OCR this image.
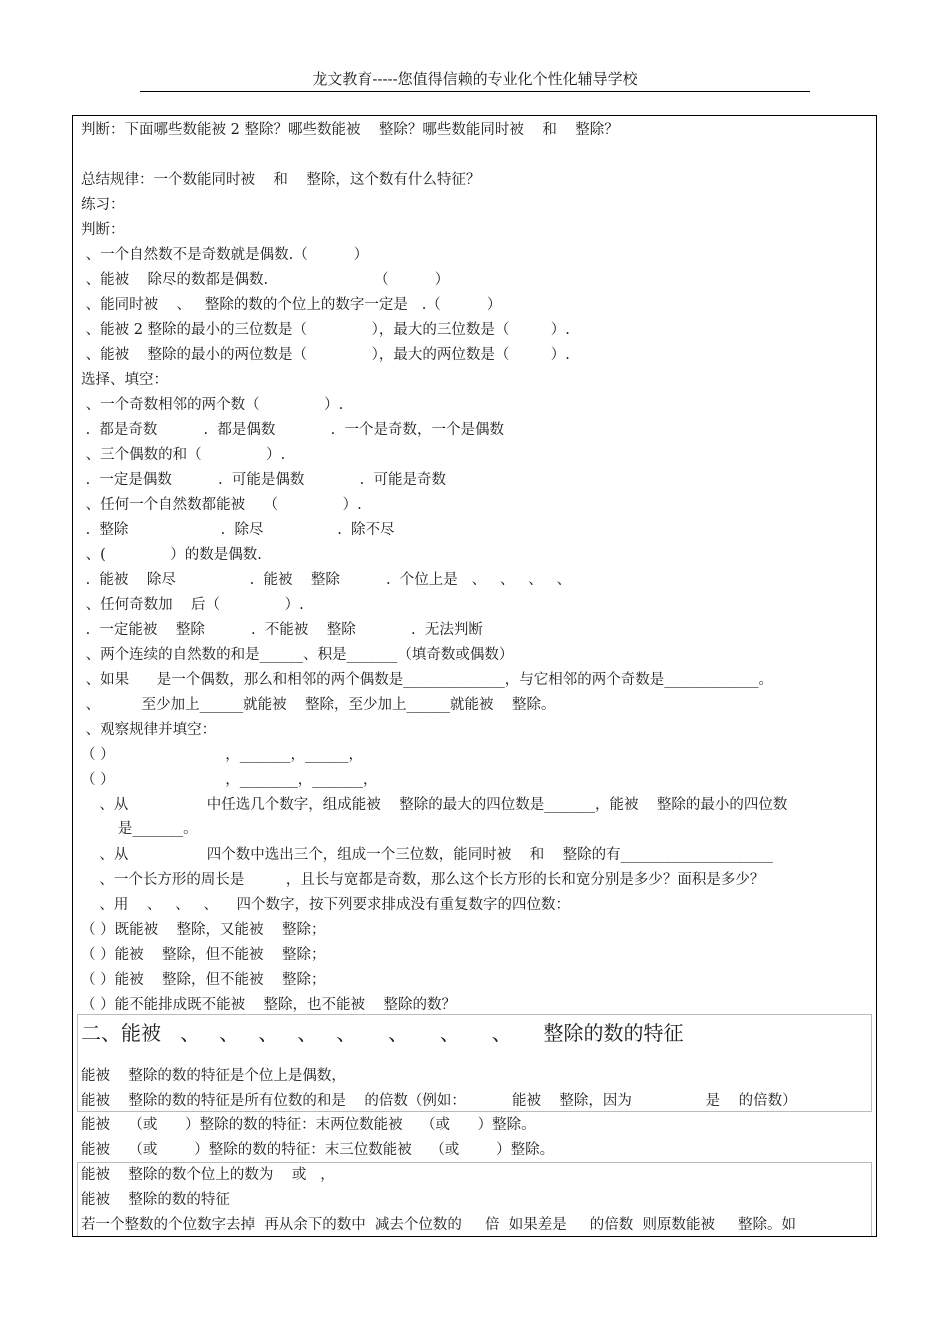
龙文教育-----您值得信赖的专业化个性化辅导学校
判断：下面哪些数能被 2 整除？哪些数能被    整除？哪些数能同时被    和    整除？
总结规律：一个数能同时被    和    整除，这个数有什么特征？
练习：
判断：
、一个自然数不是奇数就是偶数.（          ）
、能被    除尽的数都是偶数.                       （          ）
、能同时被    、   整除的数的个位上的数字一定是   .（          ）
、能被 2 整除的最小的三位数是（              ），最大的三位数是（         ）.
、能被    整除的最小的两位数是（              ），最大的两位数是（         ）.
选择、填空：
、一个奇数相邻的两个数（              ）.
.  都是奇数          .  都是偶数            .  一个是奇数，一个是偶数
、三个偶数的和（              ）.
.  一定是偶数          .  可能是偶数            .  可能是奇数
、任何一个自然数都能被    （              ）.
.  整除                    .  除尽                .  除不尽
、(              ）的数是偶数.
.  能被    除尽                .  能被    整除          .  个位上是   、   、   、   、
、任何奇数加    后（              ）.
.  一定能被    整除          .  不能被    整除            .  无法判断
、两个连续的自然数的和是______、积是_______（填奇数或偶数）
、如果      是一个偶数，那么和相邻的两个偶数是______________，与它相邻的两个奇数是_____________。
、         至少加上______就能被    整除，至少加上______就能被    整除。
、观察规律并填空：
（ ）                        ，_______，______，
（ ）                        ，________，_______，
、从                 中任选几个数字，组成能被    整除的最大的四位数是_______，能被    整除的最小的四位数
是_______。
、从                 四个数中选出三个，组成一个三位数，能同时被    和    整除的有_____________________
、一个长方形的周长是         ，且长与宽都是奇数，那么这个长方形的长和宽分别是多少？面积是多少？
、用    、   、   、    四个数字，按下列要求排成没有重复数字的四位数：
（ ）既能被    整除，又能被    整除；
（ ）能被    整除，但不能被    整除；
（ ）能被    整除，但不能被    整除；
（ ）能不能排成既不能被    整除，也不能被    整除的数？
二、能被   、   、   、   、   、     、     、     、     整除的数的特征
能被    整除的数的特征是个位上是偶数，
能被    整除的数的特征是所有位数的和是    的倍数（例如：          能被    整除，因为                是    的倍数）
能被    （或      ）整除的数的特征：末两位数能被    （或      ）整除。
能被    （或        ）整除的数的特征：末三位数能被    （或        ）整除。
能被    整除的数个位上的数为    或   ，
能被    整除的数的特征
若一个整数的个位数字去掉  再从余下的数中  减去个位数的     倍  如果差是     的倍数  则原数能被     整除。如
